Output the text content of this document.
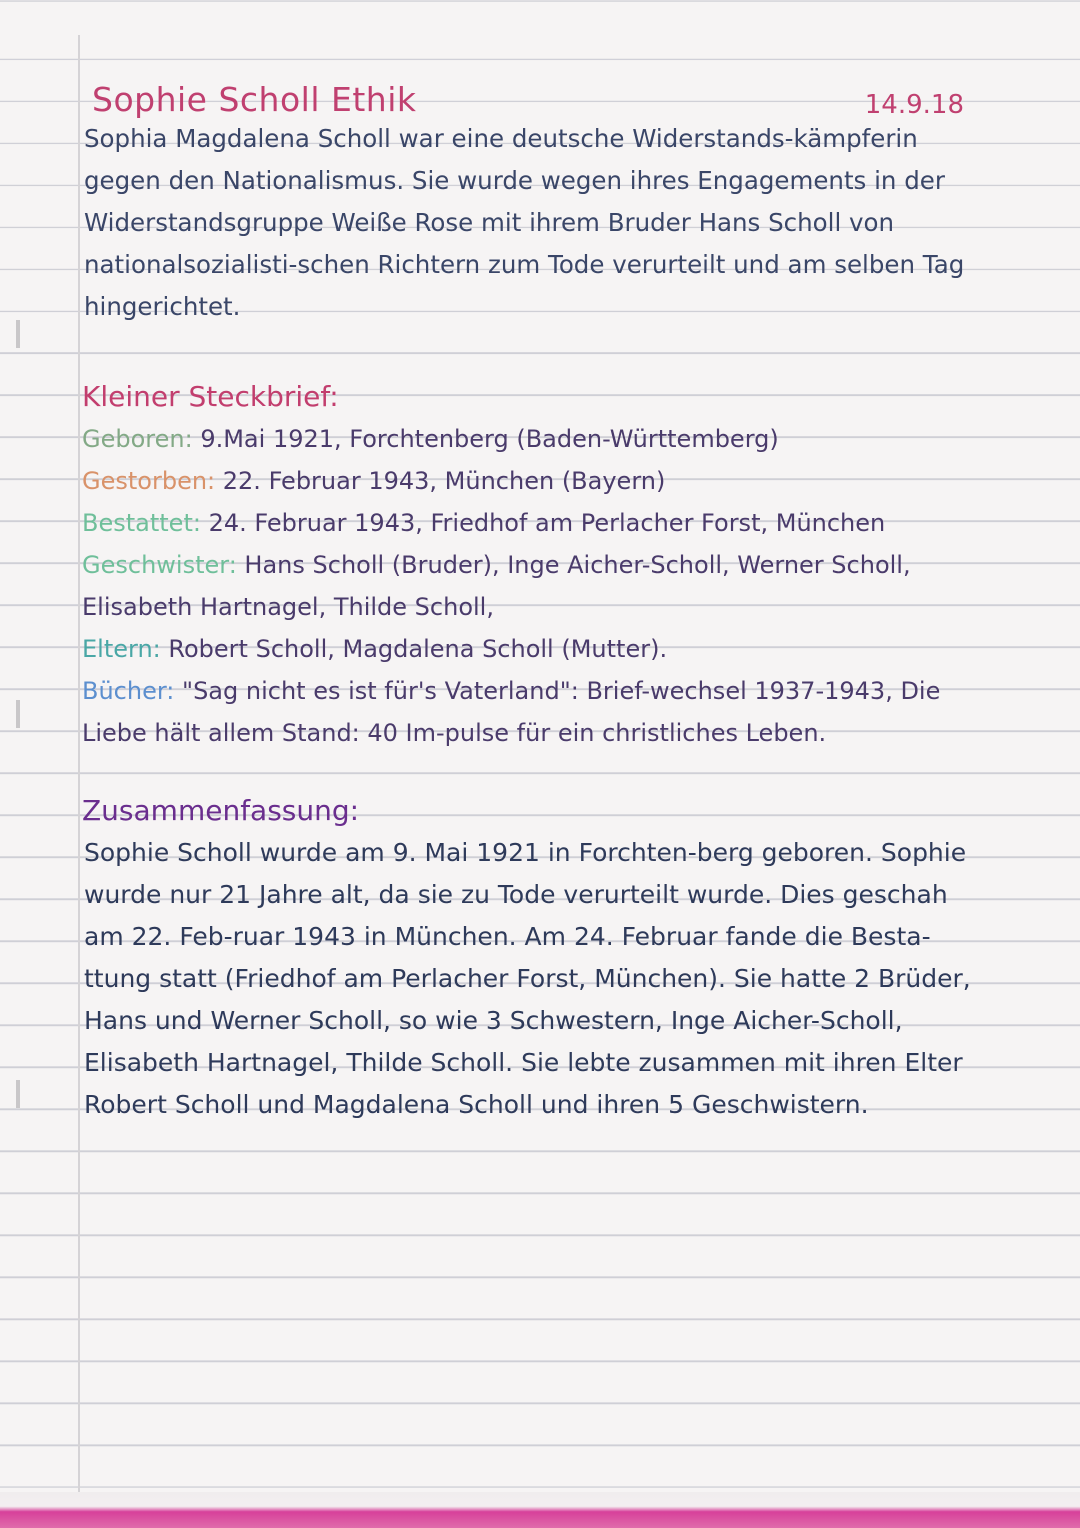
Sophie Scholl Ethik	14.9.18

Sophia Magdalena Scholl war eine deutsche Widerstands-kämpferin gegen den Nationalismus. Sie wurde wegen ihres Engagements in der Widerstandsgruppe Weiße Rose mit ihrem Bruder Hans Scholl von nationalsozialisti-schen Richtern zum Tode verurteilt und am selben Tag hingerichtet.

Kleiner Steckbrief:
Geboren: 9.Mai 1921, Forchtenberg (Baden-Württemberg)
Gestorben: 22. Februar 1943, München (Bayern)
Bestattet: 24. Februar 1943, Friedhof am Perlacher Forst, München
Geschwister: Hans Scholl (Bruder), Inge Aicher-Scholl, Werner Scholl, Elisabeth Hartnagel, Thilde Scholl,
Eltern: Robert Scholl, Magdalena Scholl (Mutter).
Bücher: "Sag nicht es ist für's Vaterland": Brief-wechsel 1937-1943, Die Liebe hält allem Stand: 40 Im-pulse für ein christliches Leben.
Zusammenfassung:

Sophie Scholl wurde am 9. Mai 1921 in Forchten-berg geboren. Sophie wurde nur 21 Jahre alt, da sie zu Tode verurteilt wurde. Dies geschah am 22. Feb-ruar 1943 in München. Am 24. Februar fande die Besta-ttung statt (Friedhof am Perlacher Forst, München). Sie hatte 2 Brüder, Hans und Werner Scholl, so wie 3 Schwestern, Inge Aicher-Scholl, Elisabeth Hartnagel, Thilde Scholl. Sie lebte zusammen mit ihren Elter Robert Scholl und Magdalena Scholl und ihren 5 Geschwistern.
